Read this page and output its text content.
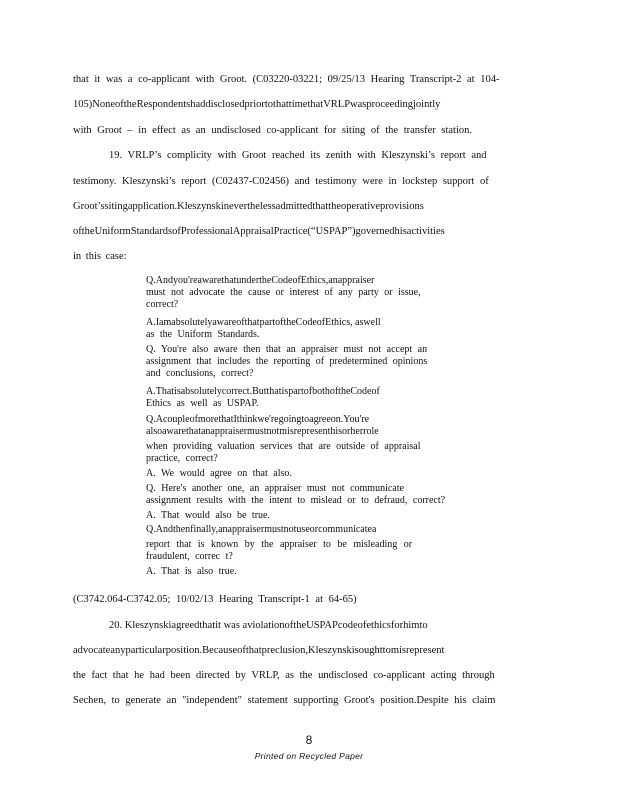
that it was a co-applicant with Groot. (C03220-03221; 09/25/13 Hearing Transcript-2 at 104-
105)NoneoftheRespondentshaddisclosedpriortothattimethatVRLPwasproceedingjointly
with Groot – in effect as an undisclosed co-applicant for siting of the transfer station.
19. VRLP’s complicity with Groot reached its zenith with Kleszynski’s report and
testimony. Kleszynski’s report (C02437-C02456) and testimony were in lockstep support of
Groot’ssitingapplication.Kleszynskineverthelessadmittedthattheoperativeprovisions
oftheUniformStandardsofProfessionalAppraisalPractice(“USPAP”)governedhisactivities
in this case:
Q.Andyou'reawarethatundertheCodeofEthics,anappraiser
must not advocate the cause or interest of any party or issue,
correct?
A.IamabsolutelyawareofthatpartoftheCodeofEthics, aswell
as the Uniform Standards.
Q. You're also aware then that an appraiser must not accept an
assignment that includes the reporting of predetermined opinions
and conclusions, correct?
A.Thatisabsolutelycorrect.ButthatispartofbothoftheCodeof
Ethics as well as USPAP.
Q.AcoupleofmorethatIthinkwe'regoingtoagreeon.You're
alsoawarethatanappraisermustnotmisrepresenthisorherrole
when providing valuation services that are outside of appraisal
practice, correct?
A. We would agree on that also.
Q. Here's another one, an appraiser must not communicate
assignment results with the intent to mislead or to defraud, correct?
A. That would also be true.
Q.Andthenfinally,anappraisermustnotuseorcommunicatea
report that is known by the appraiser to be misleading or
fraudulent, correc t?
A. That is also true.
(C3742.064-C3742.05; 10/02/13 Hearing Transcript-1 at 64-65)
20. Kleszynskiagreedthatit was aviolationoftheUSPAPcodeofethicsforhimto
advocateanyparticularposition.Becauseofthatpreclusion,Kleszynskisoughttomisrepresent
the fact that he had been directed by VRLP, as the undisclosed co-applicant acting through
Sechen, to generate an "independent" statement supporting Groot's position.Despite his claim
8
Printed on Recycled Paper
